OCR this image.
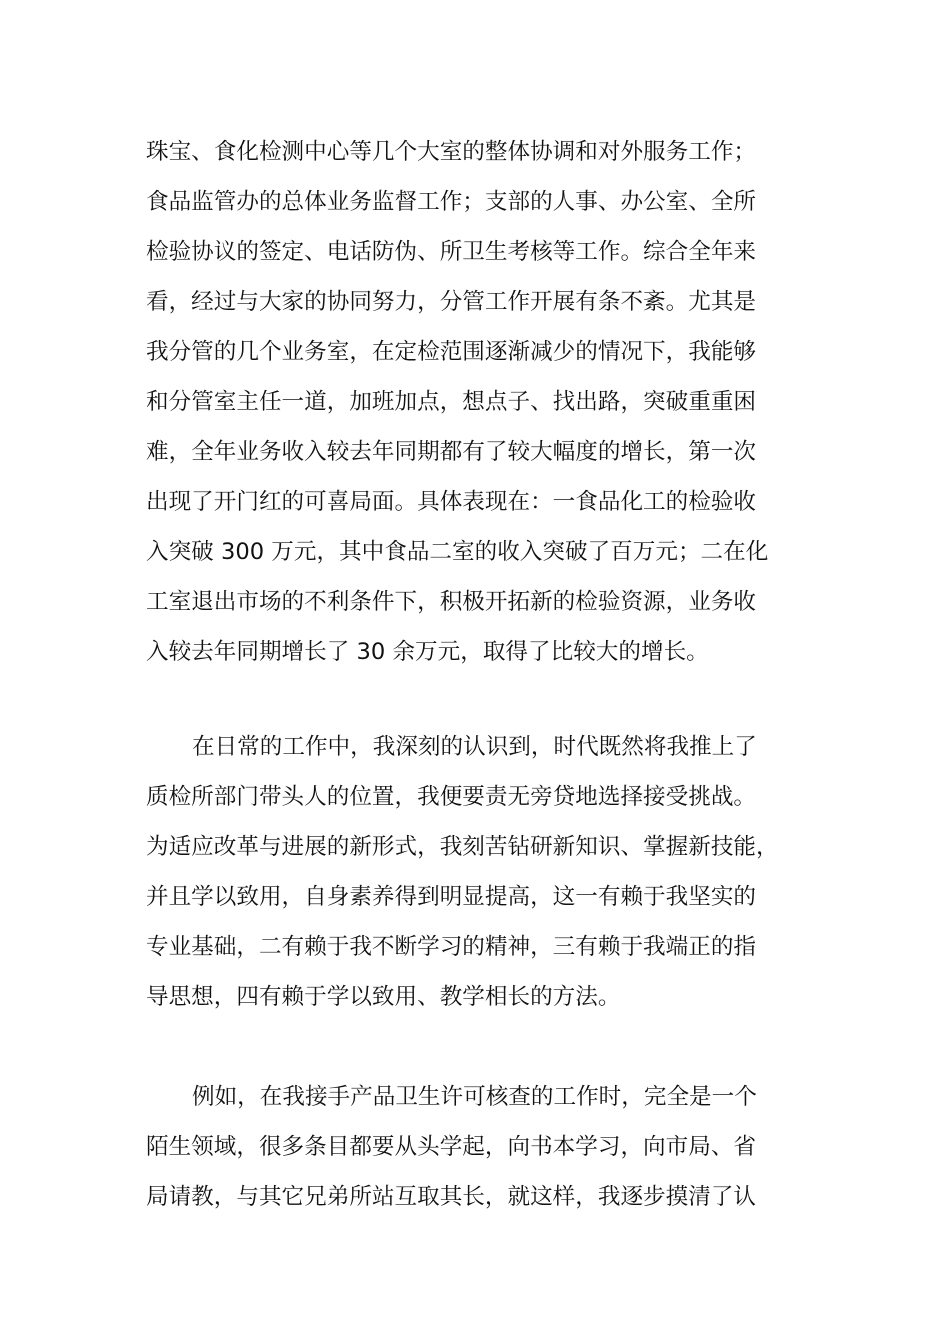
珠宝、食化检测中心等几个大室的整体协调和对外服务工作；
食品监管办的总体业务监督工作；支部的人事、办公室、全所
检验协议的签定、电话防伪、所卫生考核等工作。综合全年来
看，经过与大家的协同努力，分管工作开展有条不紊。尤其是
我分管的几个业务室，在定检范围逐渐减少的情况下，我能够
和分管室主任一道，加班加点，想点子、找出路，突破重重困
难，全年业务收入较去年同期都有了较大幅度的增长，第一次
出现了开门红的可喜局面。具体表现在：一食品化工的检验收
入突破 300 万元，其中食品二室的收入突破了百万元；二在化
工室退出市场的不利条件下，积极开拓新的检验资源，业务收
入较去年同期增长了 30 余万元，取得了比较大的增长。
在日常的工作中，我深刻的认识到，时代既然将我推上了
质检所部门带头人的位置，我便要责无旁贷地选择接受挑战。
为适应改革与进展的新形式，我刻苦钻研新知识、掌握新技能，
并且学以致用，自身素养得到明显提高，这一有赖于我坚实的
专业基础，二有赖于我不断学习的精神，三有赖于我端正的指
导思想，四有赖于学以致用、教学相长的方法。
例如，在我接手产品卫生许可核查的工作时，完全是一个
陌生领域，很多条目都要从头学起，向书本学习，向市局、省
局请教，与其它兄弟所站互取其长，就这样，我逐步摸清了认
